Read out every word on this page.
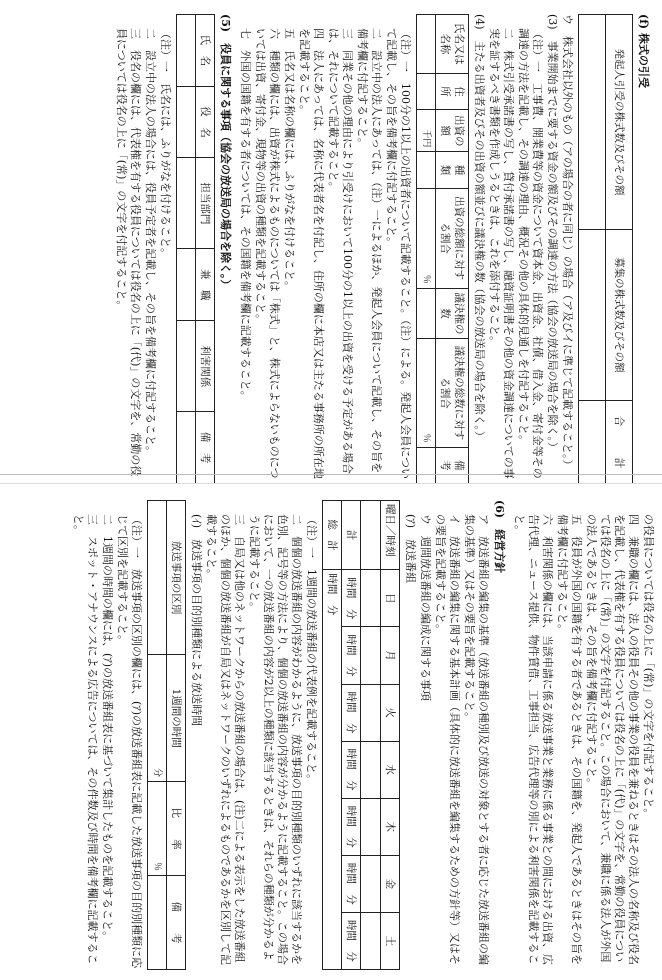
(f) 株式の引受
発起人引受の株式数及びその額	募集の株式数及びその額	合　　　計

ウ　株式会社以外のもの（アの場合の者に同じ）の場合（ア及びイに準じて記載すること。）
(3)　事業開始までに要する資金の額及びその調達の方法（協会の放送局の場合を除く。）
（注）一　工事費、開業費等の資金について資本金、出資金、社債、借入金、寄付金等その調達の方法を記載し、その調達の理由、概況その他の具体的見通しを付記すること。
二　株式引受承諾書の写し、貸付承諾書の写し、融資証明書その他の資金調達についての事実を証するべき書類を作成しうるときは、これを添付すること。
(4)　主たる出資者及びその出資の額並びに議決権の数（協会の放送局の場合を除く。）
氏名又は名称	住　所	出資の額	種　類	出資の総額に対する割合	議決権の数	議決権の総数に対する割合	備　考
		千円		％		％	
（注）一　100分の1以上の出資者について記載すること。（注）による。発起人会員について記載し、その旨を備考欄に付記すること。
二　設立中の法人にあっては、（注）一によるほか、発起人会員について記載し、その旨を備考欄に付記すること。
三　同業その他の理由により引受けにおいて100分の1以上の出資を受ける予定がある場合は、それについて記載すること。
四　法人にあっては、名称に代表者名を付記し、住所の欄に本店又は主たる事務所の所在地を記載すること。
五　氏名又は名称の欄には、ふりがなを付けること。
六　種類の欄には、出資が株式によるものについては「株式」と、株式によらないものについては出資、寄付金、現物等の出資の種類を記載すること。
七　外国の国籍を有する者については、その国籍を備考欄に記載すること。
(5)　役員に関する事項（協会の放送局の場合を除く。）
氏　名	役　名	担当部門	兼　職	利害関係	備　考

（注）一　氏名には、ふりがなを付けること。
二　設立中の法人の場合には、役員予定者を記載し、その旨を備考欄に付記すること。
三　役名の欄には、代表権を有する役員については役名の上に「(代)」の文字を、常勤の役員については役名の上に「(常)」の文字を付記すること。
の役員については役名の上に「(常)」の文字を付記すること。
四　兼職の欄には、法人の役員その他の事業の役員を兼ねるときはその法人の名称及び役名を記載し、代表権を有する役員については役名の上に「(代)」の文字を、常勤の役員については役名の上に「(常)」の文字を付記すること。この場合において、兼職に係る法人が外国の法人であるときは、その旨を備考欄に付記すること。
五　役員が外国の国籍を有する者であるときは、その国籍を、発起人であるときはその旨を備考欄に付記すること。
六　利害関係の欄には、当該申請に係る放送事業と業務に係る事業との間における出資、広告代理、ニュース提供、物件賃借、工事担当、広告代理等の別による利害関係を記載すること。
(6)　経営方針
ア　放送番組の編集の基準（放送番組の種別及び放送の対象とする者に応じた放送番組の編集の基準）又はその要旨を記載すること。
イ　放送番組の編集に関する基本計画（具体的に放送番組を編集するための方針等）又はその要旨を記載すること。
ウ　週間放送番組の編成に関する事項
(ｱ)　放送番組
曜日／時刻	日	月	火	水	木	金	土

計	時間　分	時間　分	時間　分	時間　分	時間　分	時間　分	時間　分
総　計	時間　分						
（注）一　1週間の放送番組の代表例を記載すること。
二　個個の放送番組の内容がわかるように、放送事項の目的別種類のいずれに該当するかを色別、記号等の方法により、個個の放送番組の内容が分かるように記載すること。この場合において、一の放送番組の内容が2以上の種類に該当するときは、それらの種類が分かるように記載すること。
三　自局又は他のネットワークからの放送番組の場合は、(注)二による表示をした放送番組のほか、個個の放送番組が自局又はネットワークのいずれによるものであるかを区別して記載すること。
(ｲ)　放送事項の目的別種類による放送時間
放送事項の区別	1週間の時間	比　　率	備　　考
	分	％	
（注）一　放送事項の区別の欄には、(ｱ)の放送番組表に記載した放送事項の目的別種類に応じて区別を記載すること。
二　1週間の時間の欄には、(ｱ)の放送番組表に基づいて集計したものを記載すること。
三　スポット・アナウンスによる広告については、その件数及び時間を備考欄に記載すること。
